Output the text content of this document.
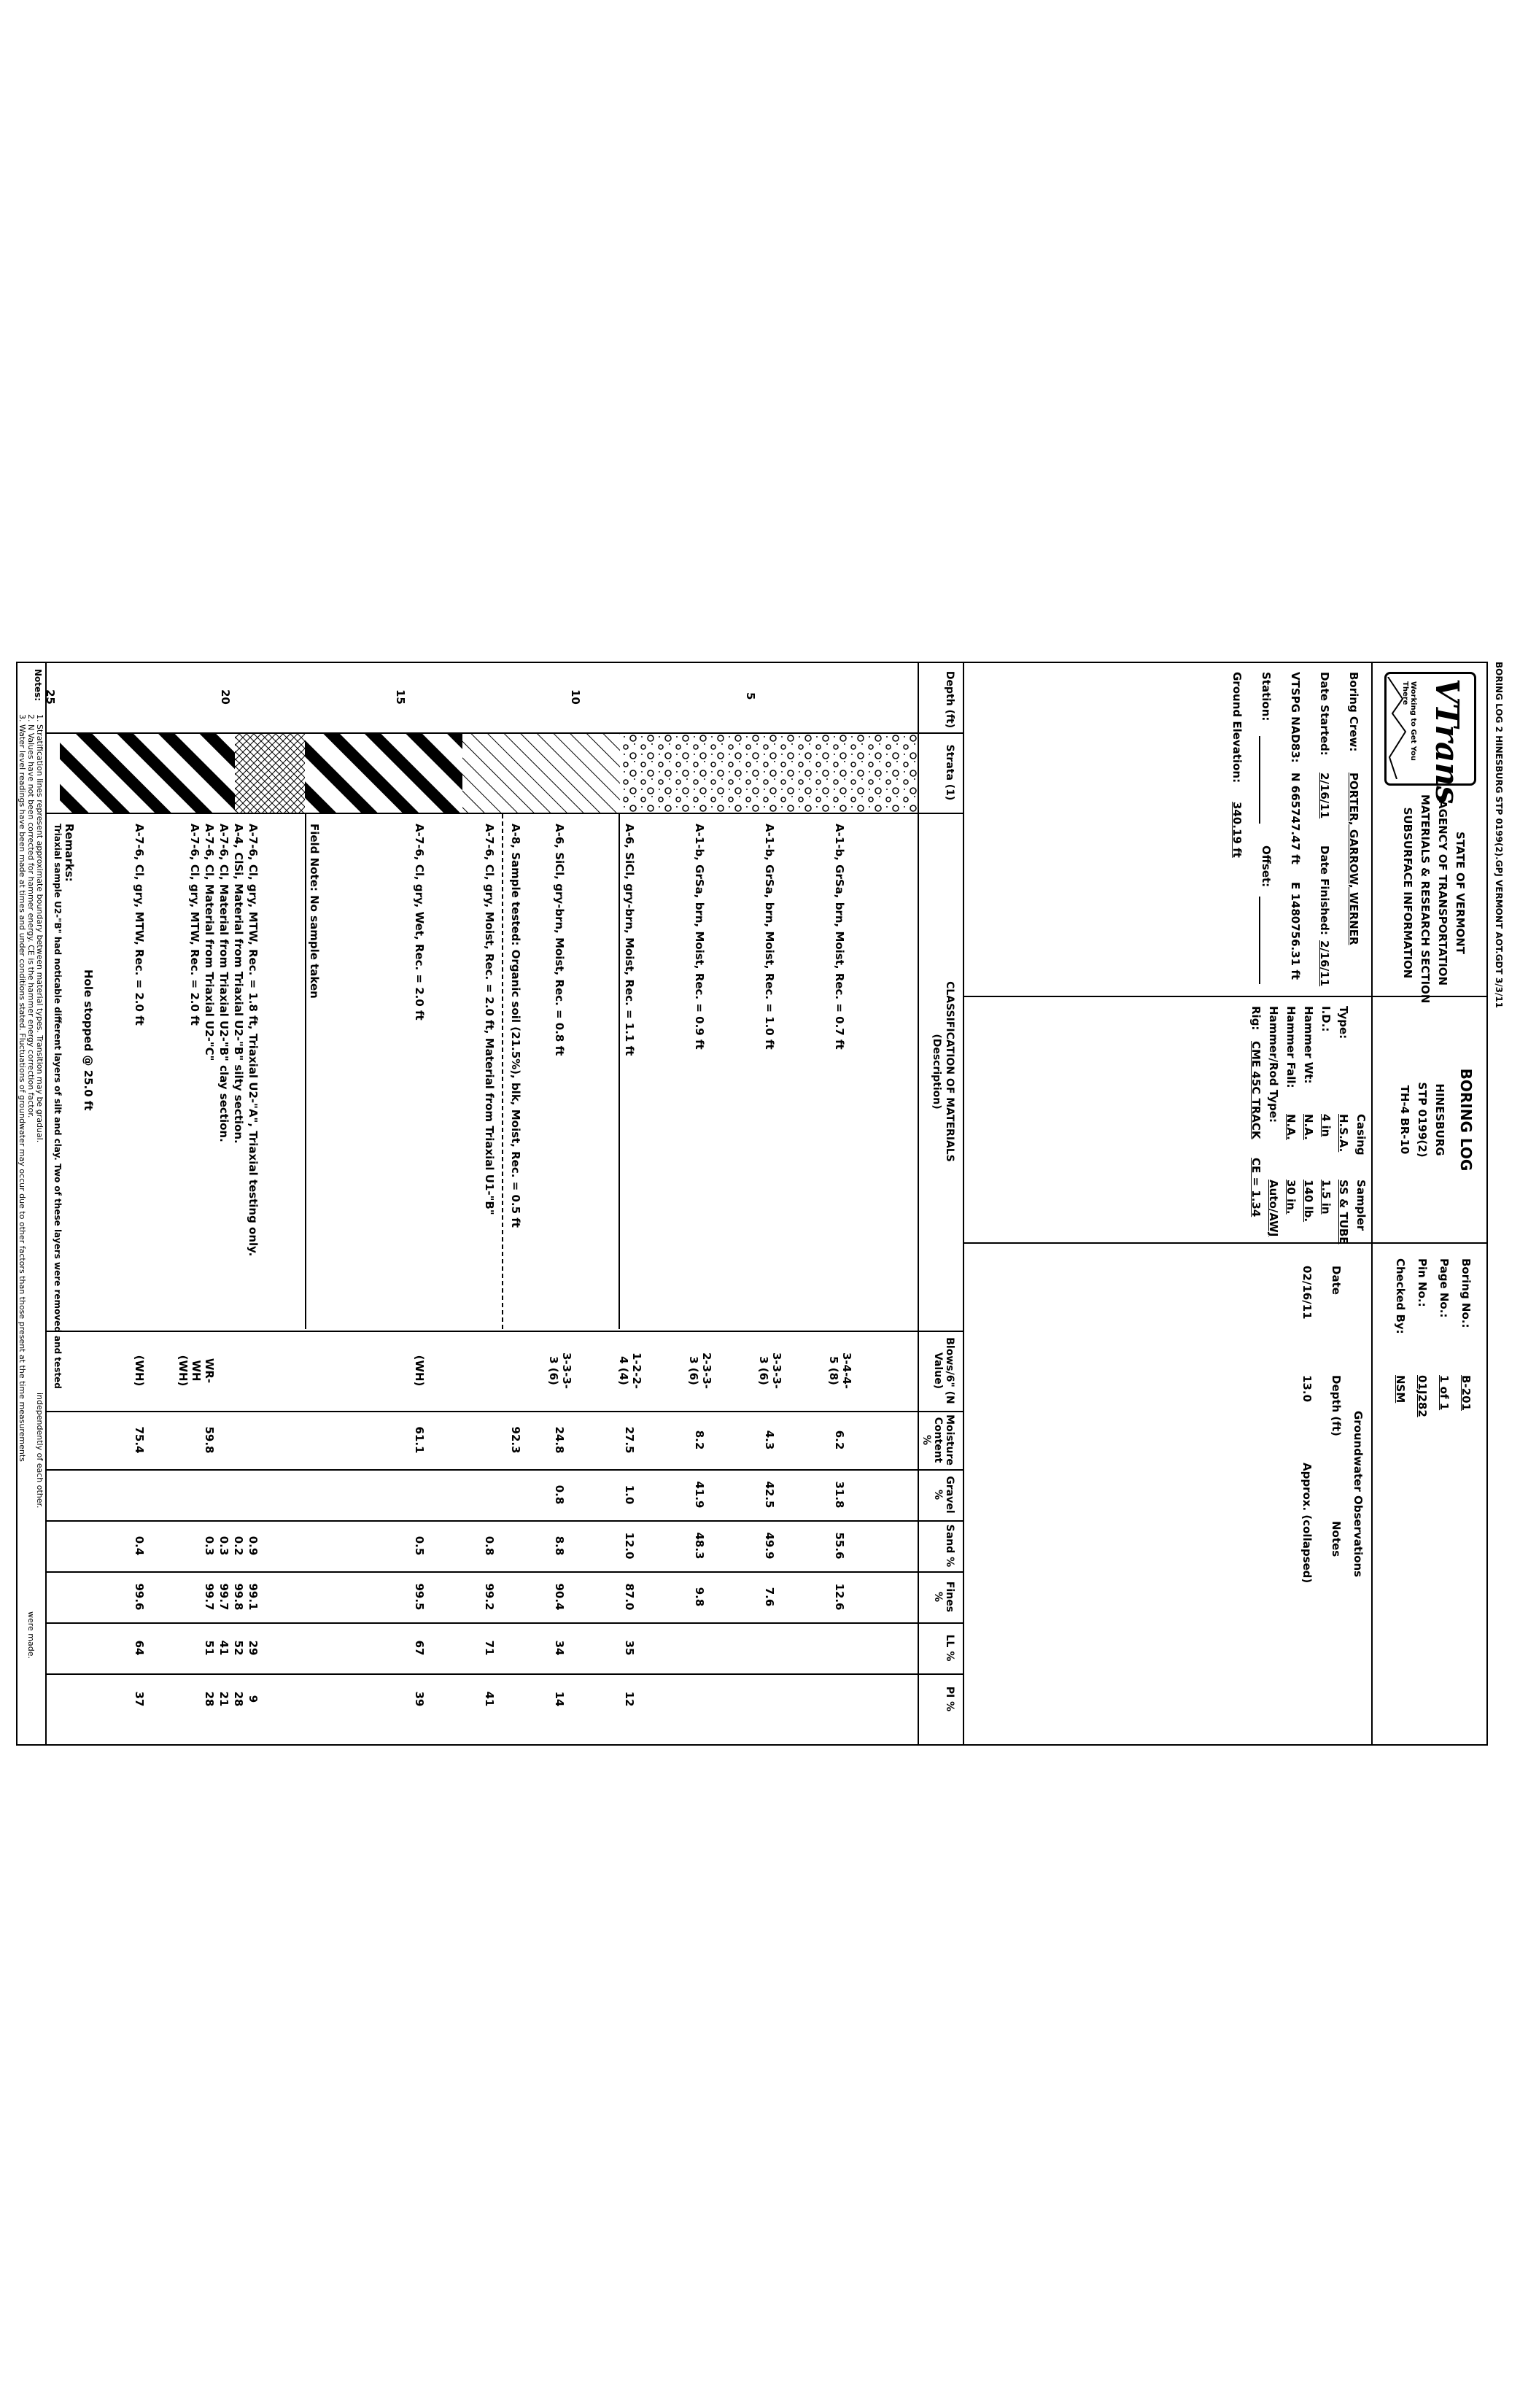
BORING LOG 2 HINESBURG STP 0199(2).GPJ VERMONT AOT.GDT 3/3/11
VTrans
Working to Get You There
STATE OF VERMONT
AGENCY OF TRANSPORTATION
MATERIALS & RESEARCH SECTION
SUBSURFACE INFORMATION
Boring Crew:
PORTER, GARROW, WERNER
Date Started:
2/16/11
Date Finished:
2/16/11
VTSPG NAD83:
N 665747.47 ft
E 1480756.31 ft
Station:
Offset:
Ground Elevation:
340.19 ft
Casing
Sampler
Type:
H.S.A.
SS & TUBE
I.D.:
4 in
1.5 in
Hammer Wt:
N.A.
140 lb.
Hammer Fall:
N.A.
30 in.
Hammer/Rod Type:
Auto/AWJ
Rig:
CME 45C TRACK
CE = 1.34
BORING LOG
HINESBURG
STP 0199(2)
TH-4 BR-10
Boring No.:
B-201
Page No.:
1 of 1
Pin No.:
01J282
Checked By:
NSM
Groundwater Observations
Date
Depth (ft)
Notes
02/16/11
13.0
Approx. (collapsed)
Depth (ft)
Strata (1)
CLASSIFICATION OF MATERIALS
(Description)
Blows/6" (N Value)
Moisture Content %
Gravel %
Sand %
Fines %
LL %
PI %
5
10
15
20
25
A-1-b, GrSa, brn, Moist, Rec. = 0.7 ft
A-1-b, GrSa, brn, Moist, Rec. = 1.0 ft
A-1-b, GrSa, brn, Moist, Rec. = 0.9 ft
A-6, SiCl, gry-brn, Moist, Rec. = 1.1 ft
A-6, SiCl, gry-brn, Moist, Rec. = 0.8 ft
A-8, Sample tested: Organic soil (21.5%), blk, Moist, Rec. = 0.5 ft
A-7-6, Cl, gry, Moist, Rec. = 2.0 ft, Material from Triaxial U1-"B"
A-7-6, Cl, gry, Wet, Rec. = 2.0 ft
Field Note: No sample taken
A-7-6, Cl, gry, MTW, Rec. = 1.8 ft, Triaxial U2-"A", Triaxial testing only.
A-4, ClSi, Material from Triaxial U2-"B" silty section.
A-7-6, Cl, Material from Triaxial U2-"B" clay section.
A-7-6, Cl, Material from Triaxial U2-"C"
A-7-6, Cl, gry, MTW, Rec. = 2.0 ft
A-7-6, Cl, gry, MTW, Rec. = 2.0 ft
3-4-4-5 (8)
3-3-3-3 (6)
2-3-3-3 (6)
1-2-2-4 (4)
3-3-3-3 (6)
(WH)
WR-WH (WH)
(WH)
6.2
4.3
8.2
27.5
24.8
92.3
61.1
59.8
75.4
31.8
42.5
41.9
1.0
0.8
55.6
49.9
48.3
12.0
8.8
0.8
0.5
0.9
0.2
0.3
0.3
0.4
12.6
7.6
9.8
87.0
90.4
99.2
99.5
99.1
99.8
99.7
99.7
99.6
35
34
71
67
29
52
41
51
64
12
14
41
39
9
28
21
28
37
Hole stopped @ 25.0 ft
Remarks:
Triaxial sample U2-"B" had noticable different layers of silt and clay. Two of these layers were removed and tested
Notes:
1. Stratification lines represent approximate boundary between material types. Transition may be gradual.
2. N Values have not been corrected for hammer energy. CE is the hammer energy correction factor.
3. Water level readings have been made at times and under conditions stated. Fluctuations of groundwater may occur due to other factors than those present at the time measurements
were made.
independently of each other.
